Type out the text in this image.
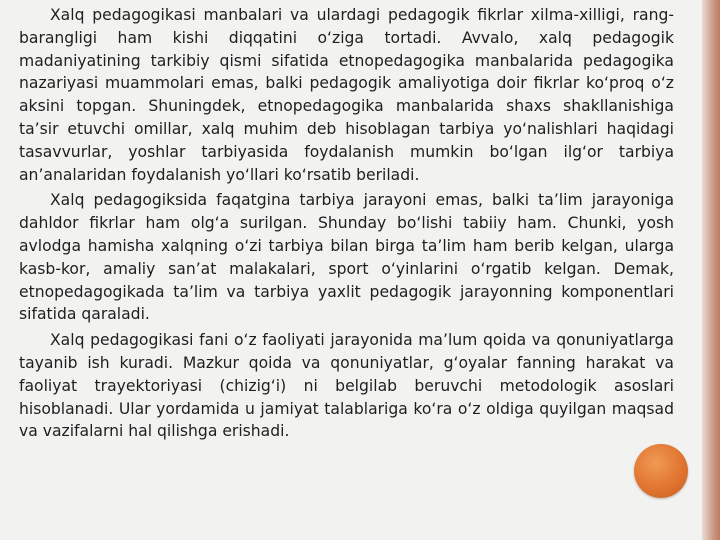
Xalq pedagogikasi manbalari va ulardagi pedagogik fikrlar xilma-xilligi, rang-barangligi ham kishi diqqatini o‘ziga tortadi. Avvalo, xalq pedagogik madaniyatining tarkibiy qismi sifatida etnopedagogika manbalarida pedagogika nazariyasi muammolari emas, balki pedagogik amaliyotiga doir fikrlar ko‘proq o‘z aksini topgan. Shuningdek, etnopedagogika manbalarida shaxs shakllanishiga ta’sir etuvchi omillar, xalq muhim deb hisoblagan tarbiya yo‘nalishlari haqidagi tasavvurlar, yoshlar tarbiyasida foydalanish mumkin bo‘lgan ilg‘or tarbiya an’analaridan foydalanish yo‘llari ko‘rsatib beriladi.

Xalq pedagogiksida faqatgina tarbiya jarayoni emas, balki ta’lim jarayoniga dahldor fikrlar ham olg‘a surilgan. Shunday bo‘lishi tabiiy ham. Chunki, yosh avlodga hamisha xalqning o‘zi tarbiya bilan birga ta’lim ham berib kelgan, ularga kasb-kor, amaliy san’at malakalari, sport o‘yinlarini o‘rgatib kelgan. Demak, etnopedagogikada ta’lim va tarbiya yaxlit pedagogik jarayonning komponentlari sifatida qaraladi.

Xalq pedagogikasi fani o‘z faoliyati jarayonida ma’lum qoida va qonuniyatlarga tayanib ish kuradi. Mazkur qoida va qonuniyatlar, g‘oyalar fanning harakat va faoliyat trayektoriyasi (chizig‘i) ni belgilab beruvchi metodologik asoslari hisoblanadi. Ular yordamida u jamiyat talablariga ko‘ra o‘z oldiga quyilgan maqsad va vazifalarni hal qilishga erishadi.
